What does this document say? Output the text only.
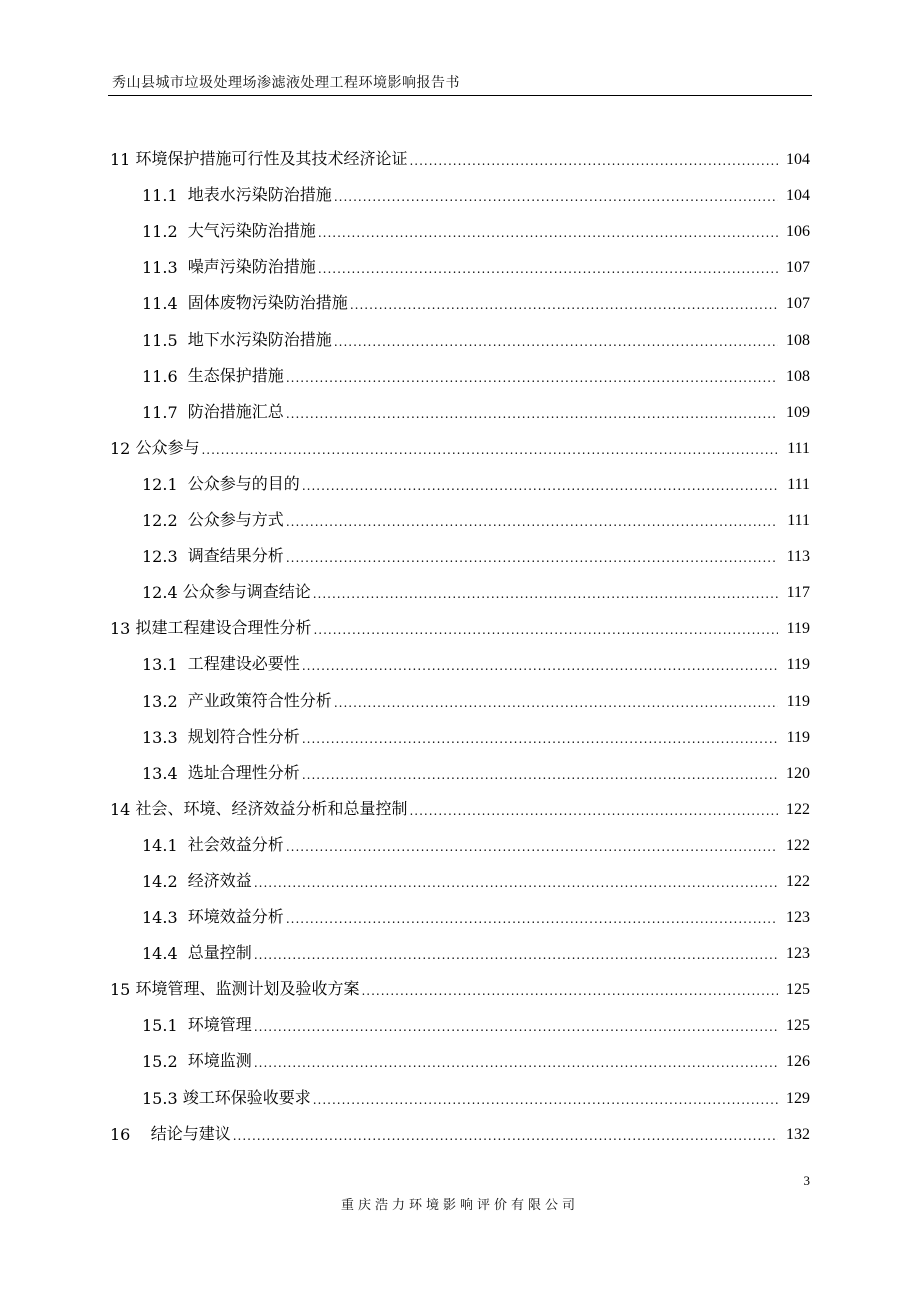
秀山县城市垃圾处理场渗滤液处理工程环境影响报告书
11 环境保护措施可行性及其技术经济论证 .....	104
11.1 地表水污染防治措施 .....	104
11.2 大气污染防治措施 .....	106
11.3 噪声污染防治措施 .....	107
11.4 固体废物污染防治措施 .....	107
11.5 地下水污染防治措施 .....	108
11.6 生态保护措施 .....	108
11.7 防治措施汇总 .....	109
12 公众参与 .....	111
12.1 公众参与的目的 .....	111
12.2 公众参与方式 .....	111
12.3 调查结果分析 .....	113
12.4 公众参与调查结论 .....	117
13 拟建工程建设合理性分析 .....	119
13.1 工程建设必要性 .....	119
13.2 产业政策符合性分析 .....	119
13.3 规划符合性分析 .....	119
13.4 选址合理性分析 .....	120
14 社会、环境、经济效益分析和总量控制 .....	122
14.1 社会效益分析 .....	122
14.2 经济效益 .....	122
14.3 环境效益分析 .....	123
14.4 总量控制 .....	123
15 环境管理、监测计划及验收方案 .....	125
15.1 环境管理 .....	125
15.2 环境监测 .....	126
15.3 竣工环保验收要求 .....	129
16 结论与建议 .....	132
3
重庆浩力环境影响评价有限公司
